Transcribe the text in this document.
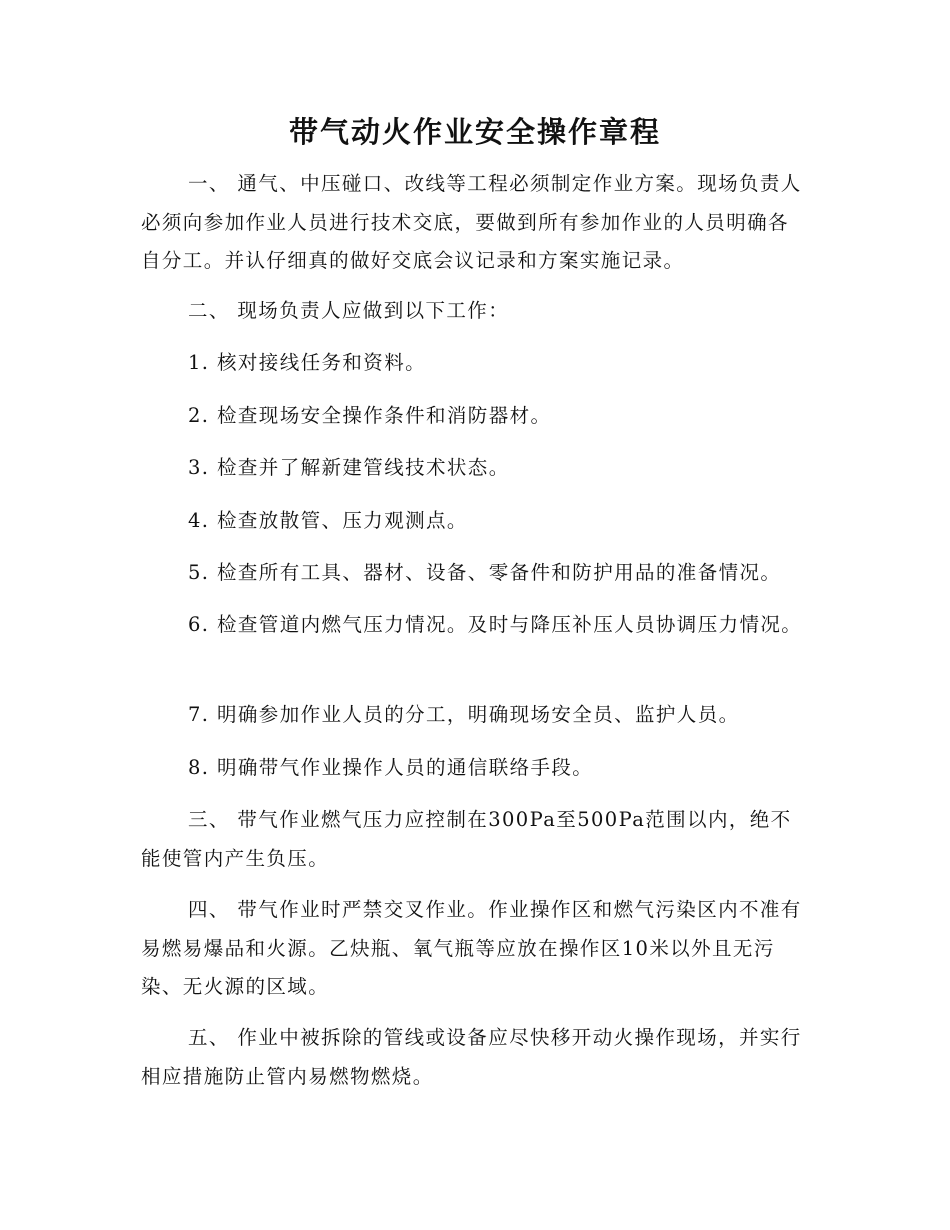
带气动火作业安全操作章程

一、 通气、中压碰口、改线等工程必须制定作业方案。现场负责人必须向参加作业人员进行技术交底，要做到所有参加作业的人员明确各自分工。并认仔细真的做好交底会议记录和方案实施记录。

二、 现场负责人应做到以下工作：

1. 核对接线任务和资料。

2. 检查现场安全操作条件和消防器材。

3. 检查并了解新建管线技术状态。

4. 检查放散管、压力观测点。

5. 检查所有工具、器材、设备、零备件和防护用品的准备情况。

6. 检查管道内燃气压力情况。及时与降压补压人员协调压力情况。

7. 明确参加作业人员的分工，明确现场安全员、监护人员。

8. 明确带气作业操作人员的通信联络手段。

三、 带气作业燃气压力应控制在300Pa至500Pa范围以内，绝不能使管内产生负压。

四、 带气作业时严禁交叉作业。作业操作区和燃气污染区内不准有易燃易爆品和火源。乙炔瓶、氧气瓶等应放在操作区10米以外且无污染、无火源的区域。

五、 作业中被拆除的管线或设备应尽快移开动火操作现场，并实行相应措施防止管内易燃物燃烧。
